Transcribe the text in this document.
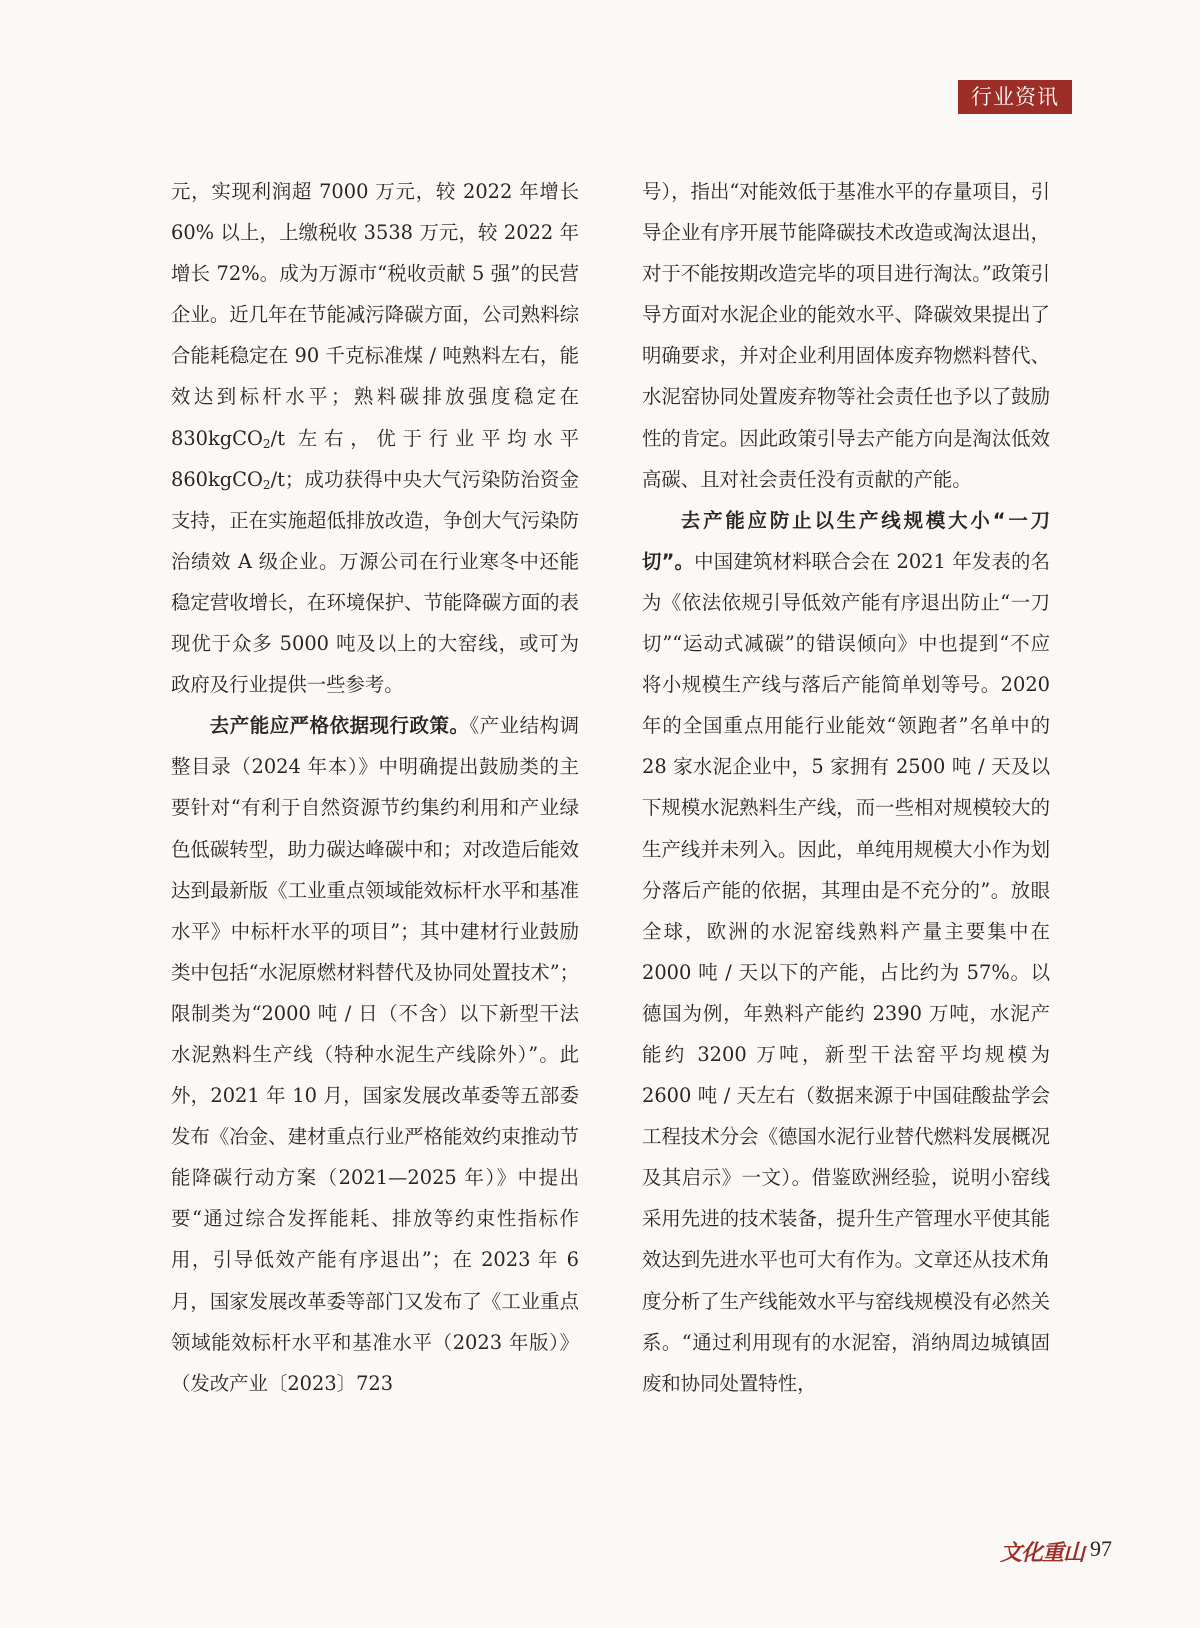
行业资讯

元，实现利润超 7000 万元，较 2022 年增长 60% 以上，上缴税收 3538 万元，较 2022 年增长 72%。成为万源市“税收贡献 5 强”的民营企业。近几年在节能减污降碳方面，公司熟料综合能耗稳定在 90 千克标准煤 / 吨熟料左右，能效达到标杆水平；熟料碳排放强度稳定在 830kgCO$_2$/t 左右，优于行业平均水平 860kgCO$_2$/t；成功获得中央大气污染防治资金支持，正在实施超低排放改造，争创大气污染防治绩效 A 级企业。万源公司在行业寒冬中还能稳定营收增长，在环境保护、节能降碳方面的表现优于众多 5000 吨及以上的大窑线，或可为政府及行业提供一些参考。

去产能应严格依据现行政策。《产业结构调整目录（2024 年本）》中明确提出鼓励类的主要针对“有利于自然资源节约集约利用和产业绿色低碳转型，助力碳达峰碳中和；对改造后能效达到最新版《工业重点领域能效标杆水平和基准水平》中标杆水平的项目”；其中建材行业鼓励类中包括“水泥原燃材料替代及协同处置技术”；限制类为“2000 吨 / 日（不含）以下新型干法水泥熟料生产线（特种水泥生产线除外）”。此外，2021 年 10 月，国家发展改革委等五部委发布《冶金、建材重点行业严格能效约束推动节能降碳行动方案（2021—2025 年）》中提出要“通过综合发挥能耗、排放等约束性指标作用，引导低效产能有序退出”；在 2023 年 6 月，国家发展改革委等部门又发布了《工业重点领域能效标杆水平和基准水平（2023 年版）》（发改产业〔2023〕723

号），指出“对能效低于基准水平的存量项目，引导企业有序开展节能降碳技术改造或淘汰退出，对于不能按期改造完毕的项目进行淘汰。”政策引导方面对水泥企业的能效水平、降碳效果提出了明确要求，并对企业利用固体废弃物燃料替代、水泥窑协同处置废弃物等社会责任也予以了鼓励性的肯定。因此政策引导去产能方向是淘汰低效高碳、且对社会责任没有贡献的产能。

去产能应防止以生产线规模大小“一刀切”。中国建筑材料联合会在 2021 年发表的名为《依法依规引导低效产能有序退出防止“一刀切”“运动式减碳”的错误倾向》中也提到“不应将小规模生产线与落后产能简单划等号。2020 年的全国重点用能行业能效“领跑者”名单中的 28 家水泥企业中，5 家拥有 2500 吨 / 天及以下规模水泥熟料生产线，而一些相对规模较大的生产线并未列入。因此，单纯用规模大小作为划分落后产能的依据，其理由是不充分的”。放眼全球，欧洲的水泥窑线熟料产量主要集中在 2000 吨 / 天以下的产能，占比约为 57%。以德国为例，年熟料产能约 2390 万吨，水泥产能约 3200 万吨，新型干法窑平均规模为 2600 吨 / 天左右（数据来源于中国硅酸盐学会工程技术分会《德国水泥行业替代燃料发展概况及其启示》一文）。借鉴欧洲经验，说明小窑线采用先进的技术装备，提升生产管理水平使其能效达到先进水平也可大有作为。文章还从技术角度分析了生产线能效水平与窑线规模没有必然关系。“通过利用现有的水泥窑，消纳周边城镇固废和协同处置特性，

文化重山 97
